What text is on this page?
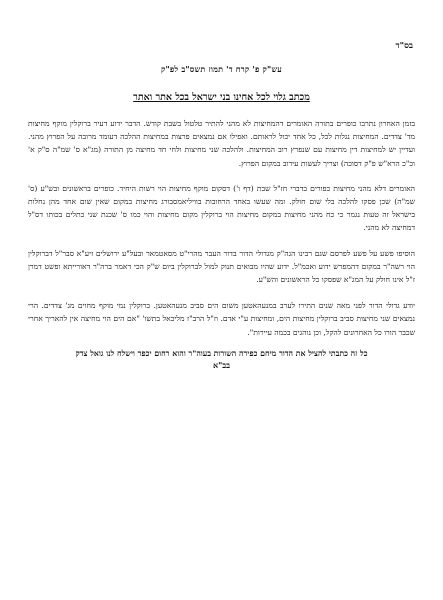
בס"ד
עש"ק פ' קרח ד' תמוז תשס"ב לפ"ק
מכתב גלוי לכל אחינו בני ישראל בכל אתר ואתר

בזמן האחרון נתרבו כופרים בתורה האומרים דהמחיצות לא מהני להתיר טלטול בשבת קודש. הדבר ידוע דעיר ברוקלין מוקף מחיצות מד' צדדים. המחיצות נגלות לכל, כל אחד יכול לראותם. ואפילו אם נמצאים פרצות במחיצות ההלכה דעומד מרובה על הפרוץ מהני. ועדיין יש למחיצות דין מחיצות עם שנפרץ רוב המחיצות. ולהלכה שני מחיצות ולחי חד מחיצה מן התורה (מג"א ס' שמ"ה ס"ק א' וכ"כ הרא"ש פ"ק דסוכה) וצריך לעשות עירוב במקום הפרוץ.

האומרים דלא מהני מחיצות כפורים בדברי חז"ל שבת (דף ו') דסקום מוקף מחיצות הוי רשות היחיד. כופרים בראשונים ובש"ע (ס' שמ"ה) שכן פסקו להלכה בלי שום חולק. ומה שעשו באחד הרחובות בוויליאמסבורג מחיצות במקום שאין שום אחד מהן נחלות בישראל זה טעות נגמר כי כח מהני מחיצות במקום מחיצות הוי ברוקלין מקום מחיצות והוי כמו ס' שכנת שני כתלים בכותו דס"ל דמחיצה לא מהני.

הוסיפו פשע על פשע לפרסם שגם רבינו הגה"ק מגדולי הדור בדור העבר מהרי"ט מסאטמאר ובעל"ע ירושלים זיע"א סבר"ל דברוקלין הוי רשה"ר במקום דהמפרש ידוע ואכמ"ל. ידוע שהיו מבואים תנוק למול לברוקלין ביום ש"ק הכי דאמר ברה"ר דאורייתא ופשט דמרן ז"ל אינו חולק על המג"א שפסקו כל הראשונים והש"ע.

יודע גדולי הדור לפני מאה שנים התירו לערב במנעהאטען משום הים סביב מנעהאטען. ברוקלין נמי מוקף מחוים מג' צדדים. הרי נמצאים שני מחיצות סביב ברוקלין מחיצות הים, ומחיצות ע"י אדם. וז"ל הרב"ז מליכאל בתשו' "אם הים הוי מחיצה אין להאריך אחרי שכבר הורו כל האחרונים להקל, וכן נוהגים בכמה עיירות".

כל זה כתבתי להציל את הדור מיחם כפירה השורות בעוה"ר והוא רחום יכפר וישלח לנו גואל צדק
בב"א
